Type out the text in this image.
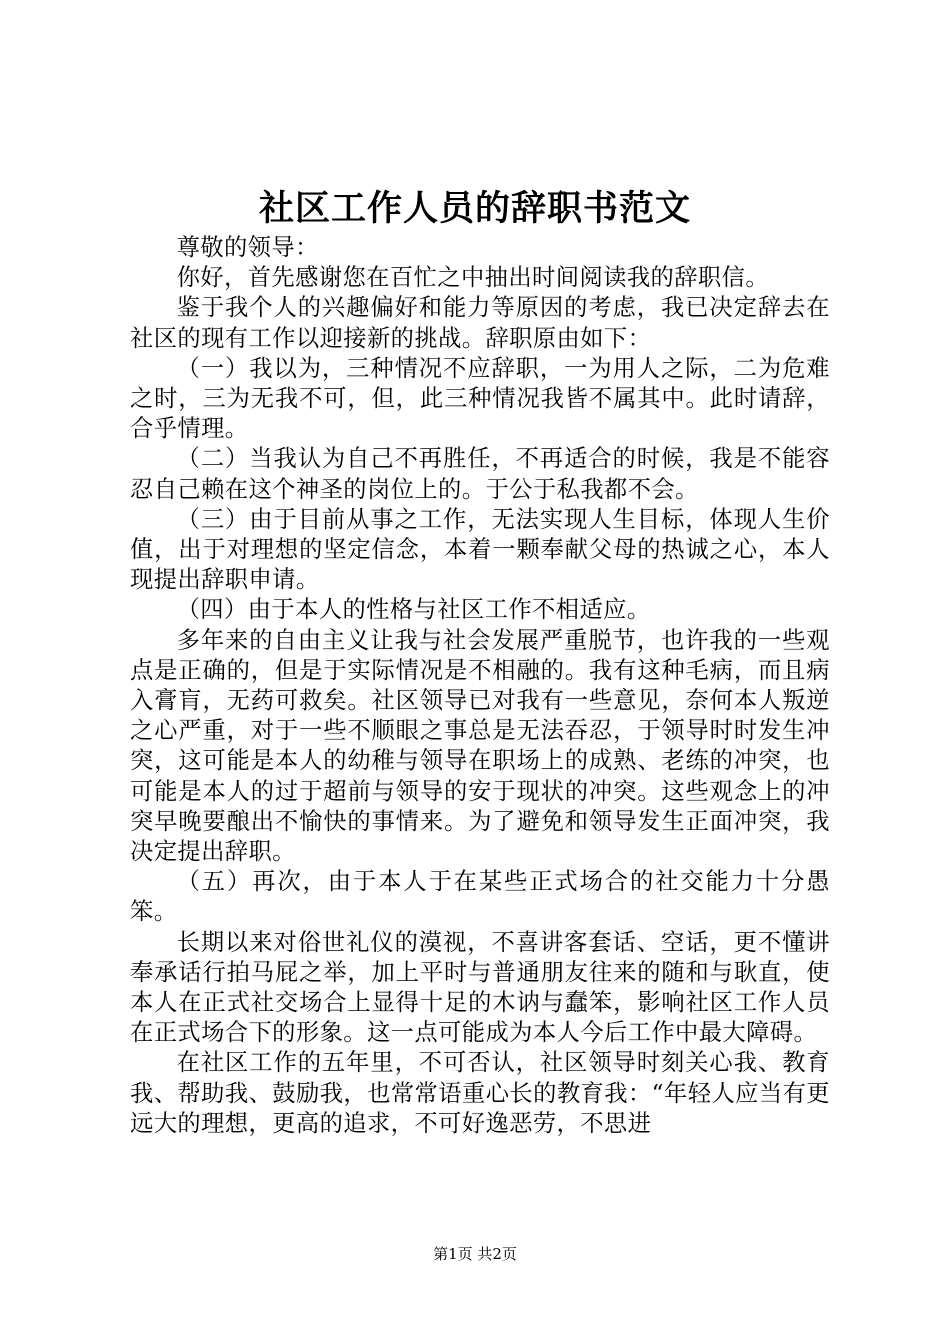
社区工作人员的辞职书范文

尊敬的领导：

你好，首先感谢您在百忙之中抽出时间阅读我的辞职信。

鉴于我个人的兴趣偏好和能力等原因的考虑，我已决定辞去在社区的现有工作以迎接新的挑战。辞职原由如下：

（一）我以为，三种情况不应辞职，一为用人之际，二为危难之时，三为无我不可，但，此三种情况我皆不属其中。此时请辞，合乎情理。

（二）当我认为自己不再胜任，不再适合的时候，我是不能容忍自己赖在这个神圣的岗位上的。于公于私我都不会。

（三）由于目前从事之工作，无法实现人生目标，体现人生价值，出于对理想的坚定信念，本着一颗奉献父母的热诚之心，本人现提出辞职申请。

（四）由于本人的性格与社区工作不相适应。

多年来的自由主义让我与社会发展严重脱节，也许我的一些观点是正确的，但是于实际情况是不相融的。我有这种毛病，而且病入膏肓，无药可救矣。社区领导已对我有一些意见，奈何本人叛逆之心严重，对于一些不顺眼之事总是无法吞忍，于领导时时发生冲突，这可能是本人的幼稚与领导在职场上的成熟、老练的冲突，也可能是本人的过于超前与领导的安于现状的冲突。这些观念上的冲突早晚要酿出不愉快的事情来。为了避免和领导发生正面冲突，我决定提出辞职。

（五）再次，由于本人于在某些正式场合的社交能力十分愚笨。

长期以来对俗世礼仪的漠视，不喜讲客套话、空话，更不懂讲奉承话行拍马屁之举，加上平时与普通朋友往来的随和与耿直，使本人在正式社交场合上显得十足的木讷与蠢笨，影响社区工作人员在正式场合下的形象。这一点可能成为本人今后工作中最大障碍。

在社区工作的五年里，不可否认，社区领导时刻关心我、教育我、帮助我、鼓励我，也常常语重心长的教育我：“年轻人应当有更远大的理想，更高的追求，不可好逸恶劳，不思进

第1页 共2页
